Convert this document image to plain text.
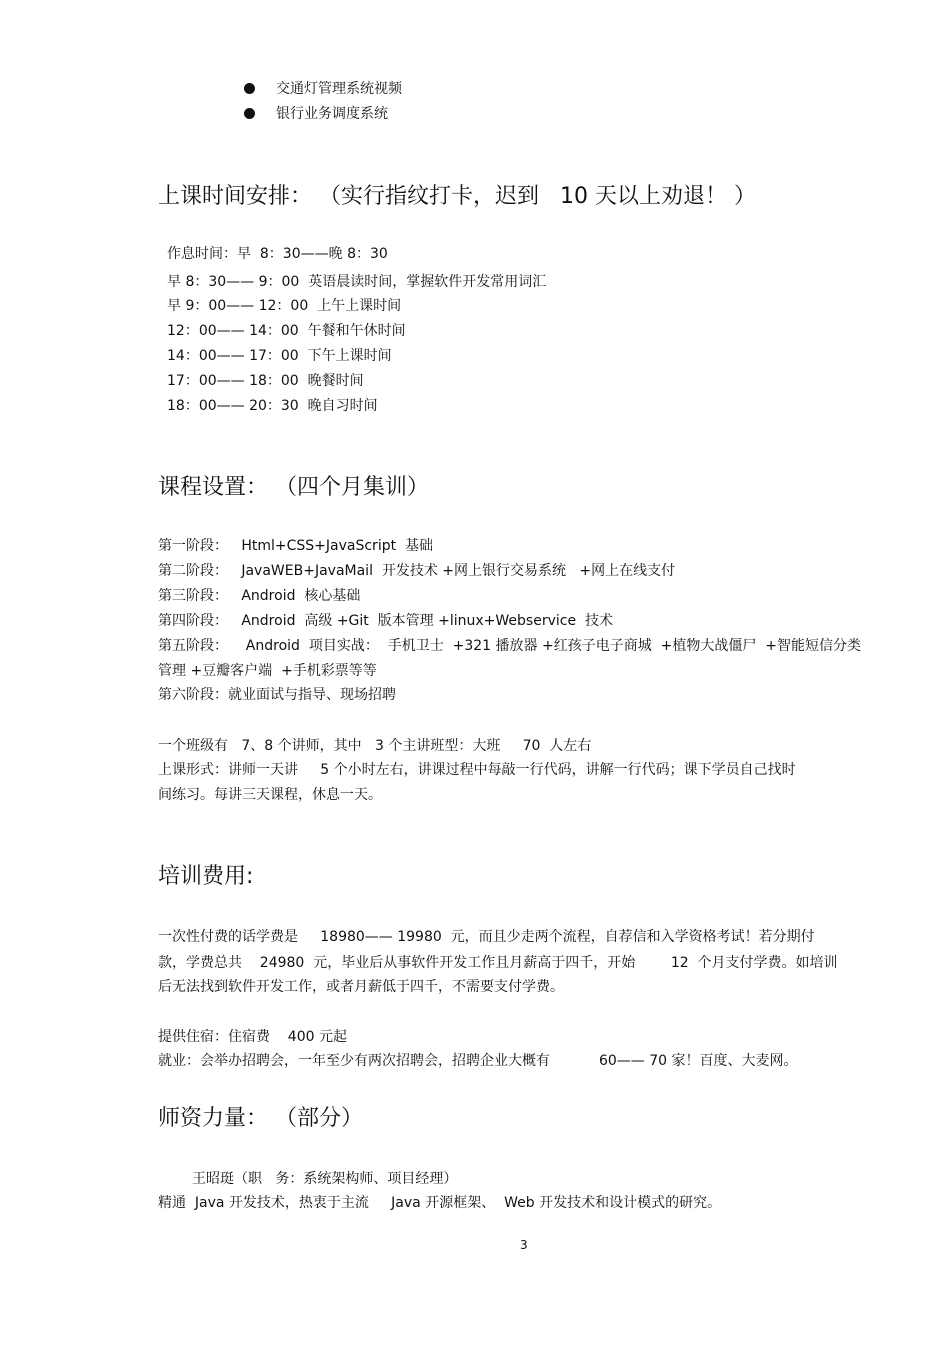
交通灯管理系统视频
银行业务调度系统
上课时间安排： （实行指纹打卡，迟到   10 天以上劝退！ ）
作息时间：早  8：30——晚 8：30
早 8：30—— 9：00  英语晨读时间，掌握软件开发常用词汇
早 9：00—— 12：00  上午上课时间
12：00—— 14：00  午餐和午休时间
14：00—— 17：00  下午上课时间
17：00—— 18：00  晚餐时间
18：00—— 20：30  晚自习时间
课程设置： （四个月集训）
第一阶段：   Html+CSS+JavaScript  基础
第二阶段：   JavaWEB+JavaMail  开发技术 +网上银行交易系统   +网上在线支付
第三阶段：   Android  核心基础
第四阶段：   Android  高级 +Git  版本管理 +linux+Webservice  技术
第五阶段：    Android  项目实战：  手机卫士  +321 播放器 +红孩子电子商城  +植物大战僵尸  +智能短信分类
管理 +豆瓣客户端  +手机彩票等等
第六阶段：就业面试与指导、现场招聘
一个班级有   7、8 个讲师，其中   3 个主讲班型：大班     70  人左右
上课形式：讲师一天讲     5 个小时左右，讲课过程中每敲一行代码，讲解一行代码；课下学员自己找时
间练习。每讲三天课程，休息一天。
培训费用:
一次性付费的话学费是     18980—— 19980  元，而且少走两个流程，自荐信和入学资格考试！若分期付
款，学费总共    24980  元，毕业后从事软件开发工作且月薪高于四千，开始        12  个月支付学费。如培训
后无法找到软件开发工作，或者月薪低于四千，不需要支付学费。
提供住宿：住宿费    400 元起
就业：会举办招聘会，一年至少有两次招聘会，招聘企业大概有           60—— 70 家！百度、大麦网。
师资力量： （部分）
王昭珽（职   务：系统架构师、项目经理）
精通  Java 开发技术，热衷于主流     Java 开源框架、  Web 开发技术和设计模式的研究。
3
